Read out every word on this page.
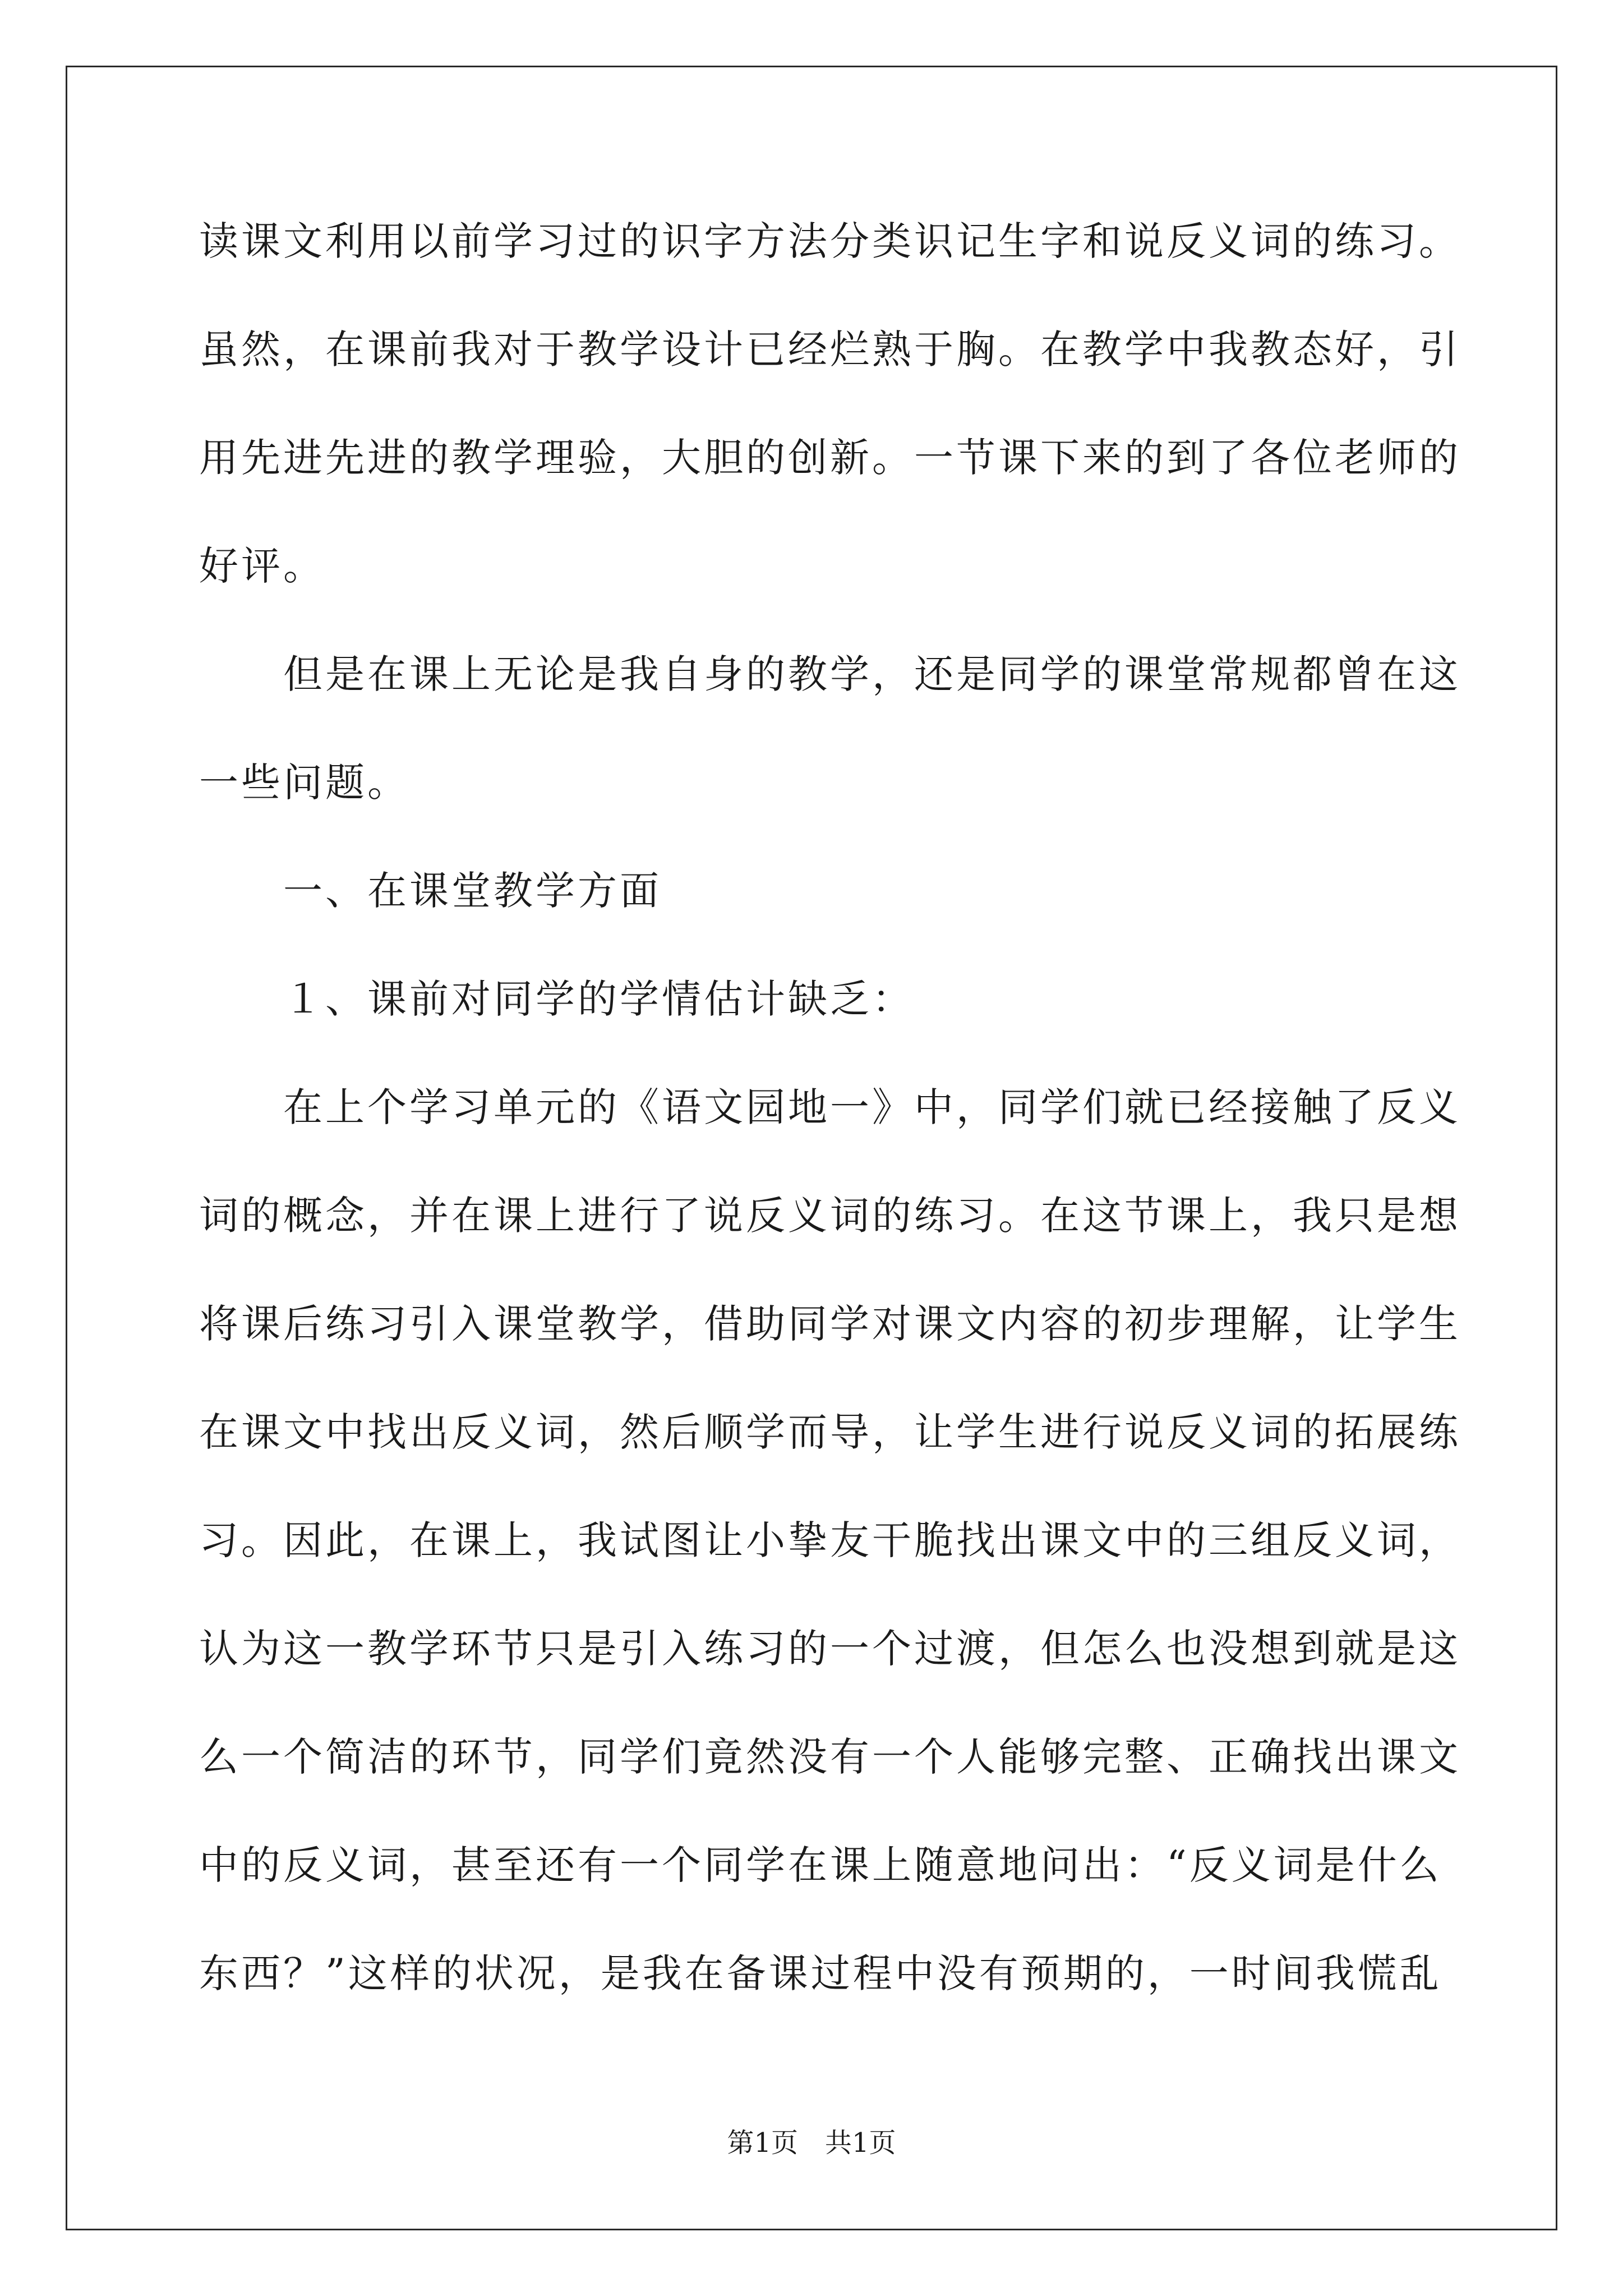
读课文利用以前学习过的识字方法分类识记生字和说反义词的练习。
虽然，在课前我对于教学设计已经烂熟于胸。在教学中我教态好，引
用先进先进的教学理验，大胆的创新。一节课下来的到了各位老师的
好评。
　　但是在课上无论是我自身的教学，还是同学的课堂常规都曾在这
一些问题。
　　一、在课堂教学方面
　　１、课前对同学的学情估计缺乏：
　　在上个学习单元的《语文园地一》中，同学们就已经接触了反义
词的概念，并在课上进行了说反义词的练习。在这节课上，我只是想
将课后练习引入课堂教学，借助同学对课文内容的初步理解，让学生
在课文中找出反义词，然后顺学而导，让学生进行说反义词的拓展练
习。因此，在课上，我试图让小挚友干脆找出课文中的三组反义词，
认为这一教学环节只是引入练习的一个过渡，但怎么也没想到就是这
么一个简洁的环节，同学们竟然没有一个人能够完整、正确找出课文
中的反义词，甚至还有一个同学在课上随意地问出：“反义词是什么
东西？”这样的状况，是我在备课过程中没有预期的，一时间我慌乱
第1页　共1页
